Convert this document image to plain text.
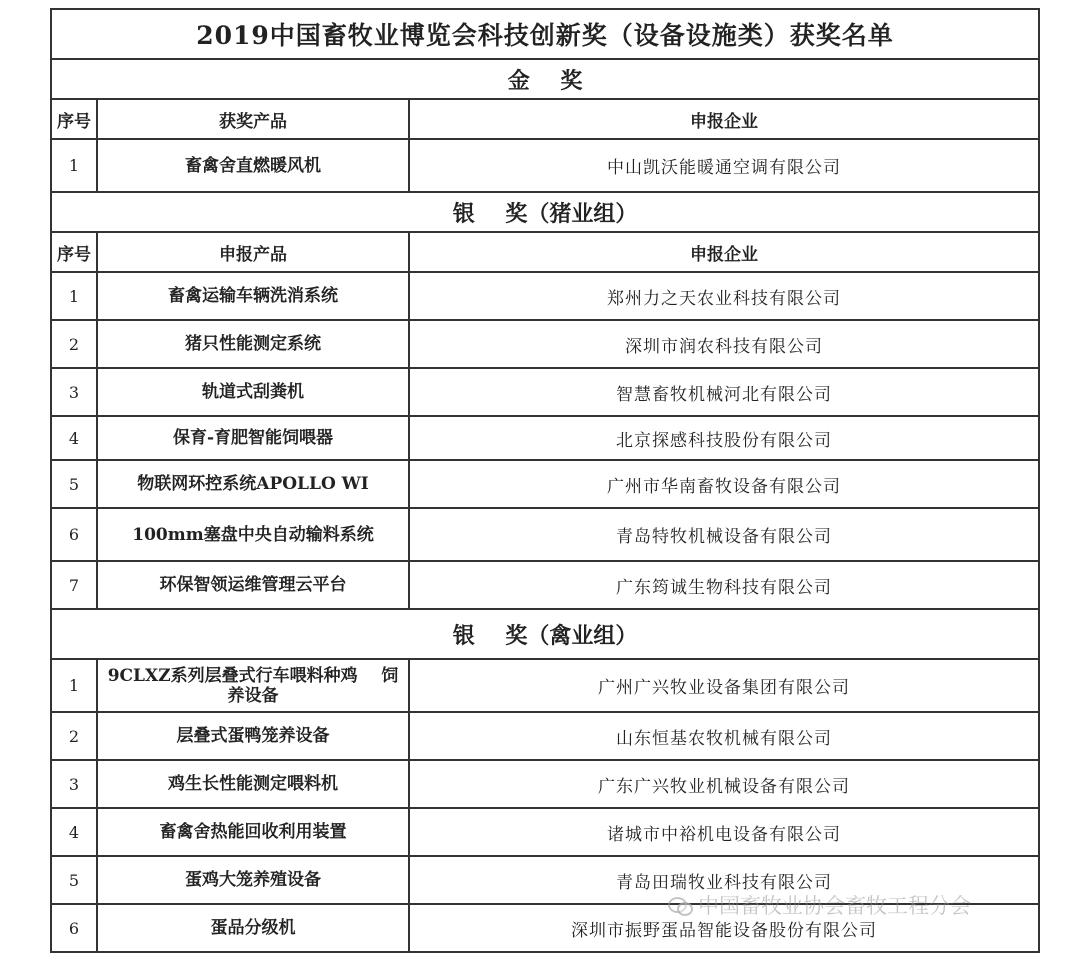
2019中国畜牧业博览会科技创新奖（设备设施类）获奖名单		
金    奖		
序号	获奖产品	申报企业
1	畜禽舍直燃暖风机	中山凯沃能暖通空调有限公司
银    奖（猪业组）		
序号	申报产品	申报企业
1	畜禽运输车辆洗消系统	郑州力之天农业科技有限公司
2	猪只性能测定系统	深圳市润农科技有限公司
3	轨道式刮粪机	智慧畜牧机械河北有限公司
4	保育-育肥智能饲喂器	北京探感科技股份有限公司
5	物联网环控系统APOLLO WI	广州市华南畜牧设备有限公司
6	100mm塞盘中央自动输料系统	青岛特牧机械设备有限公司
7	环保智领运维管理云平台	广东筠诚生物科技有限公司
银    奖（禽业组）		
1	9CLXZ系列层叠式行车喂料种鸡    饲养设备	广州广兴牧业设备集团有限公司
2	层叠式蛋鸭笼养设备	山东恒基农牧机械有限公司
3	鸡生长性能测定喂料机	广东广兴牧业机械设备有限公司
4	畜禽舍热能回收利用装置	诸城市中裕机电设备有限公司
5	蛋鸡大笼养殖设备	青岛田瑞牧业科技有限公司
6	蛋品分级机	深圳市振野蛋品智能设备股份有限公司
中国畜牧业协会畜牧工程分会
